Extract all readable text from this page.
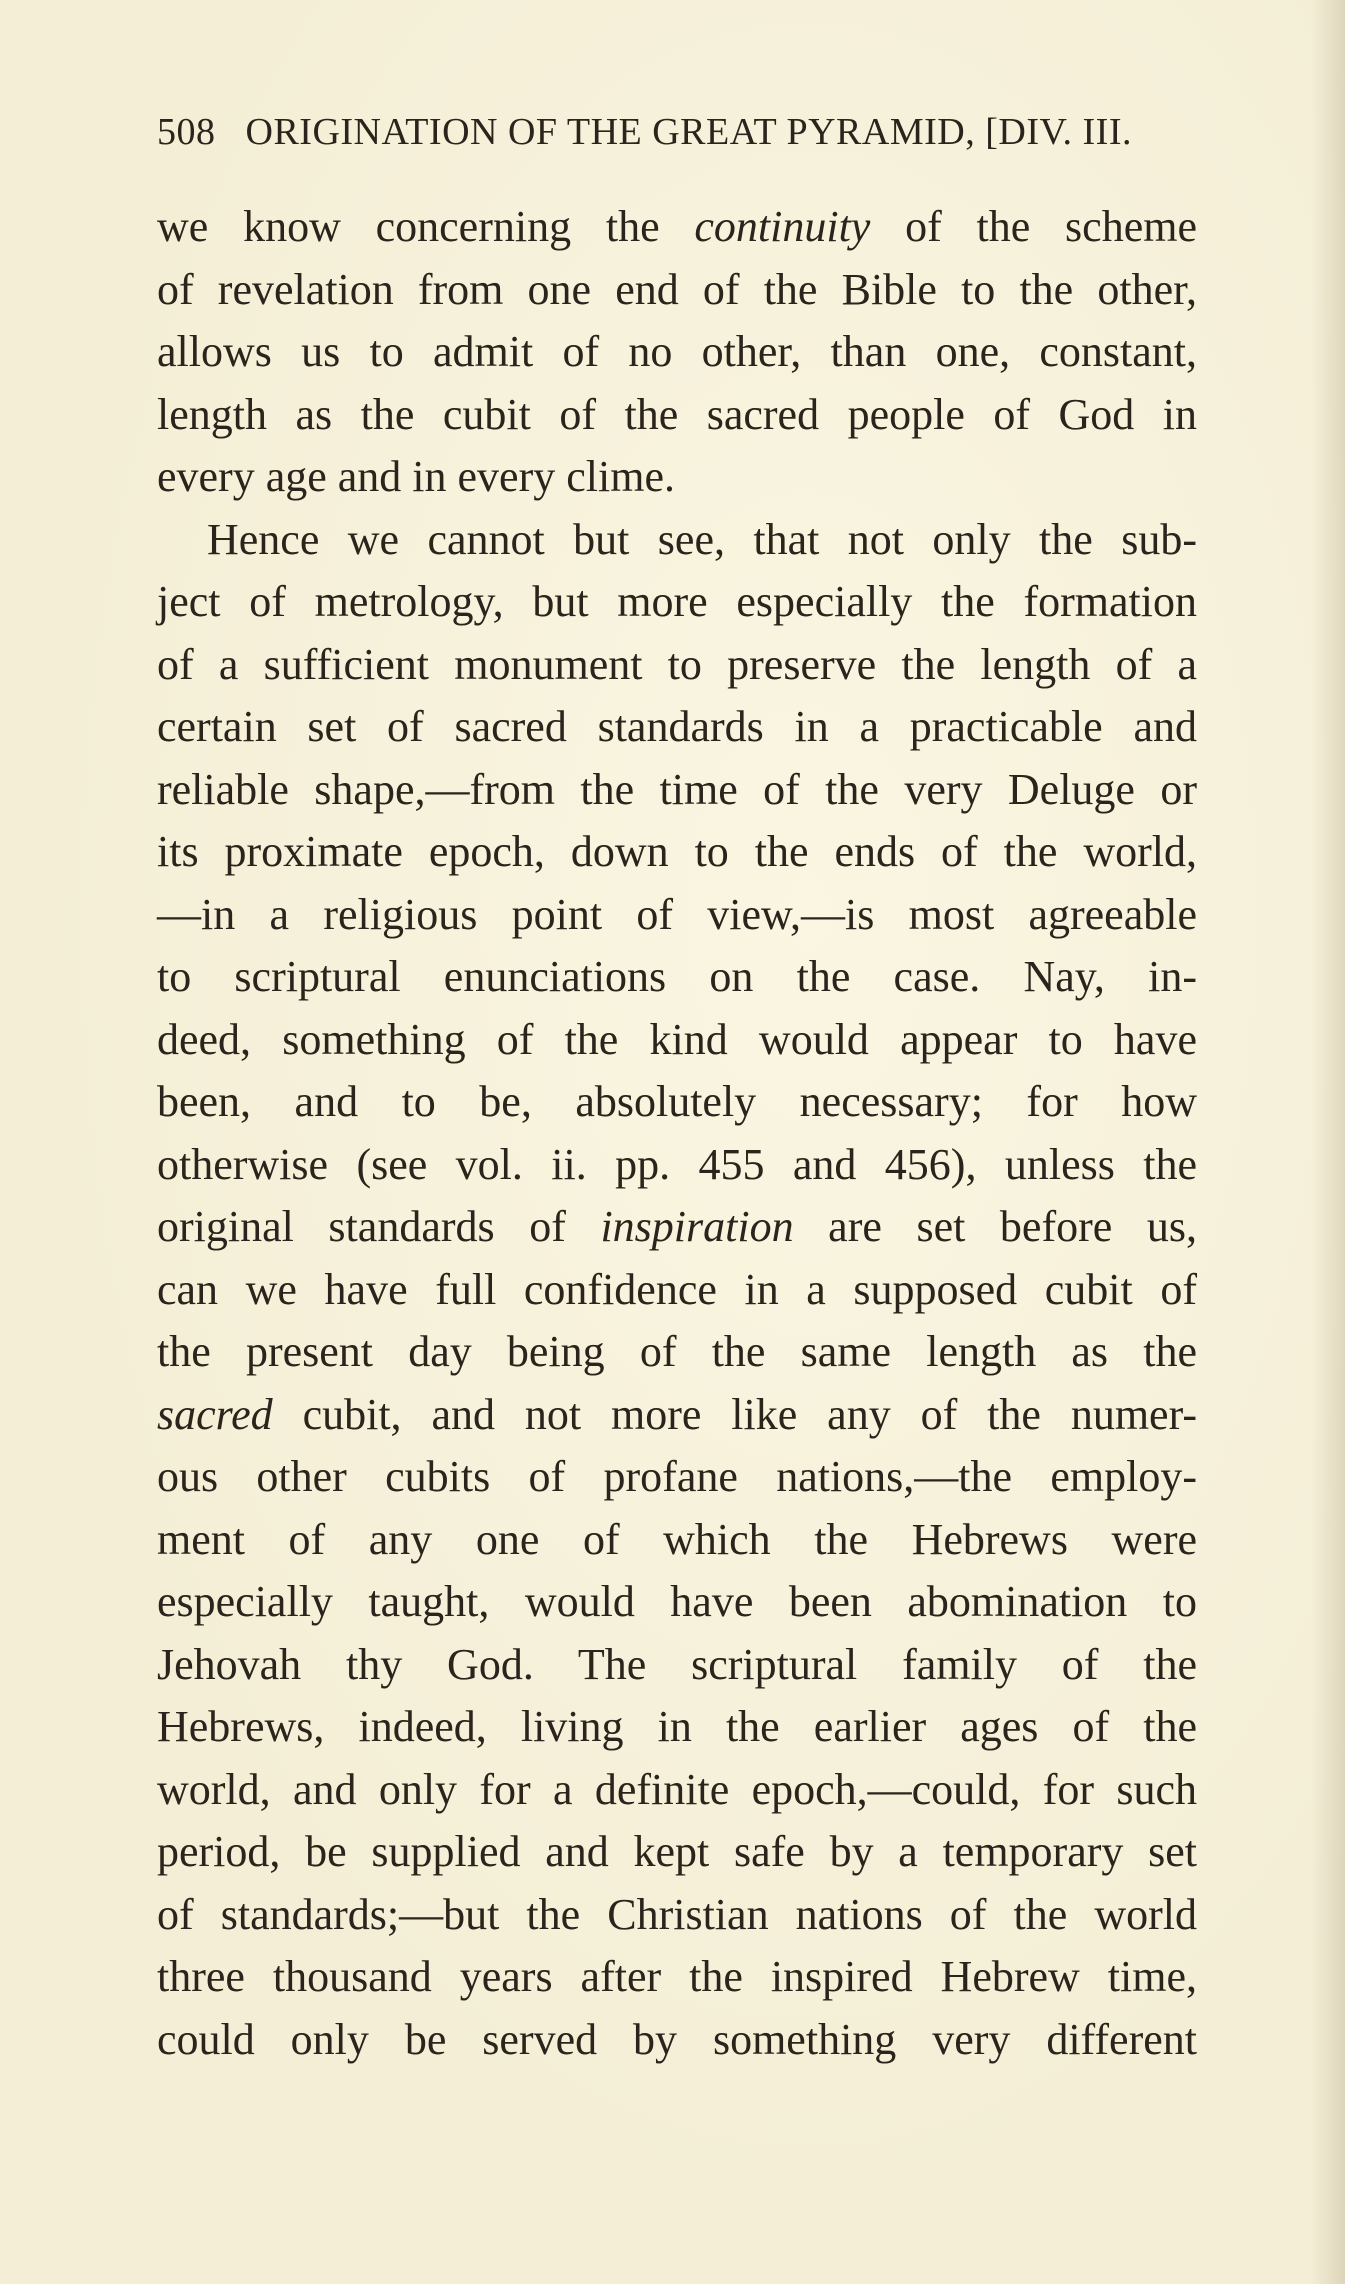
508 ORIGINATION OF THE GREAT PYRAMID, [DIV. III.
we know concerning the continuity of the scheme
of revelation from one end of the Bible to the other,
allows us to admit of no other, than one, constant,
length as the cubit of the sacred people of God in
every age and in every clime.
Hence we cannot but see, that not only the sub-
ject of metrology, but more especially the formation
of a sufficient monument to preserve the length of a
certain set of sacred standards in a practicable and
reliable shape,—from the time of the very Deluge or
its proximate epoch, down to the ends of the world,
—in a religious point of view,—is most agreeable
to scriptural enunciations on the case. Nay, in-
deed, something of the kind would appear to have
been, and to be, absolutely necessary; for how
otherwise (see vol. ii. pp. 455 and 456), unless the
original standards of inspiration are set before us,
can we have full confidence in a supposed cubit of
the present day being of the same length as the
sacred cubit, and not more like any of the numer-
ous other cubits of profane nations,—the employ-
ment of any one of which the Hebrews were
especially taught, would have been abomination to
Jehovah thy God. The scriptural family of the
Hebrews, indeed, living in the earlier ages of the
world, and only for a definite epoch,—could, for such
period, be supplied and kept safe by a temporary set
of standards;—but the Christian nations of the world
three thousand years after the inspired Hebrew time,
could only be served by something very different
